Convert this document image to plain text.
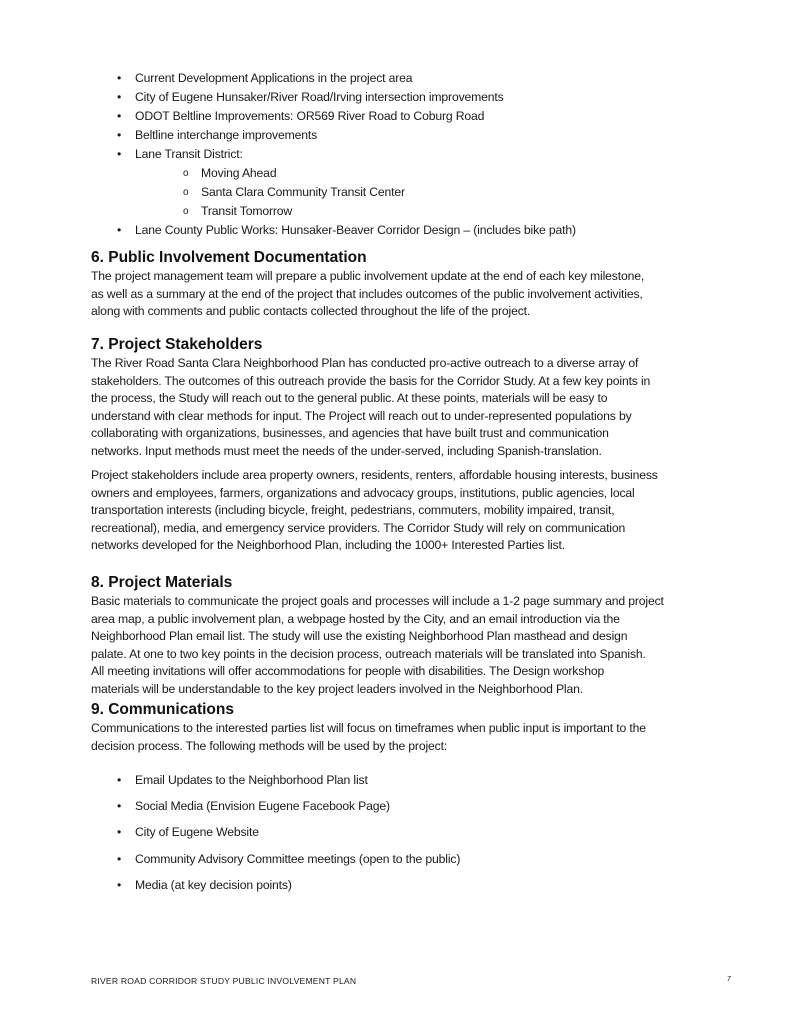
• Current Development Applications in the project area
• City of Eugene Hunsaker/River Road/Irving intersection improvements
• ODOT Beltline Improvements: OR569 River Road to Coburg Road
• Beltline interchange improvements
• Lane Transit District:
o Moving Ahead
o Santa Clara Community Transit Center
o Transit Tomorrow
• Lane County Public Works: Hunsaker-Beaver Corridor Design – (includes bike path)
6. Public Involvement Documentation
The project management team will prepare a public involvement update at the end of each key milestone,
as well as a summary at the end of the project that includes outcomes of the public involvement activities,
along with comments and public contacts collected throughout the life of the project.
7. Project Stakeholders
The River Road Santa Clara Neighborhood Plan has conducted pro-active outreach to a diverse array of
stakeholders. The outcomes of this outreach provide the basis for the Corridor Study. At a few key points in
the process, the Study will reach out to the general public. At these points, materials will be easy to
understand with clear methods for input. The Project will reach out to under-represented populations by
collaborating with organizations, businesses, and agencies that have built trust and communication
networks. Input methods must meet the needs of the under-served, including Spanish-translation.
Project stakeholders include area property owners, residents, renters, affordable housing interests, business
owners and employees, farmers, organizations and advocacy groups, institutions, public agencies, local
transportation interests (including bicycle, freight, pedestrians, commuters, mobility impaired, transit,
recreational), media, and emergency service providers. The Corridor Study will rely on communication
networks developed for the Neighborhood Plan, including the 1000+ Interested Parties list.
8. Project Materials
Basic materials to communicate the project goals and processes will include a 1-2 page summary and project
area map, a public involvement plan, a webpage hosted by the City, and an email introduction via the
Neighborhood Plan email list. The study will use the existing Neighborhood Plan masthead and design
palate. At one to two key points in the decision process, outreach materials will be translated into Spanish.
All meeting invitations will offer accommodations for people with disabilities. The Design workshop
materials will be understandable to the key project leaders involved in the Neighborhood Plan.
9. Communications
Communications to the interested parties list will focus on timeframes when public input is important to the
decision process. The following methods will be used by the project:
• Email Updates to the Neighborhood Plan list
• Social Media (Envision Eugene Facebook Page)
• City of Eugene Website
• Community Advisory Committee meetings (open to the public)
• Media (at key decision points)
RIVER ROAD CORRIDOR STUDY PUBLIC INVOLVEMENT PLAN	7
